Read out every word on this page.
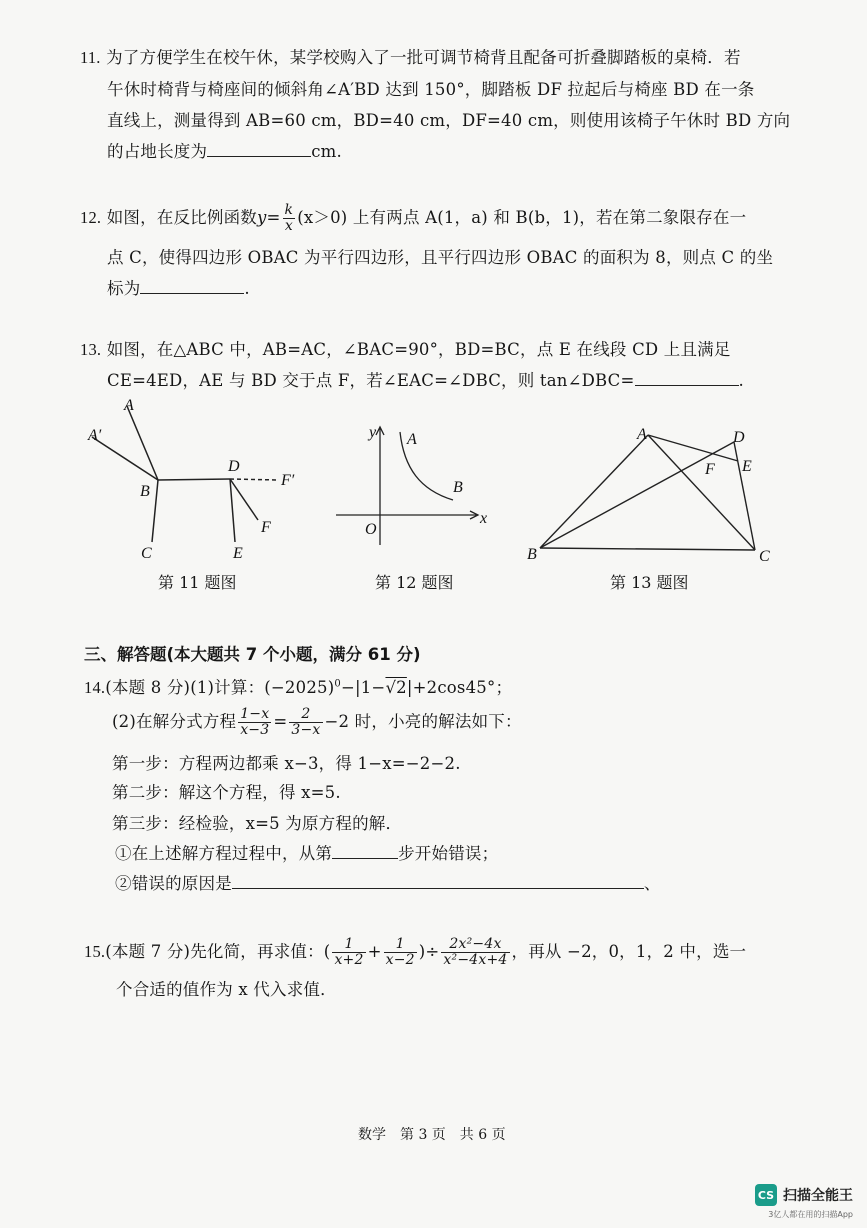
11. 为了方便学生在校午休，某学校购入了一批可调节椅背且配备可折叠脚踏板的桌椅．若
午休时椅背与椅座间的倾斜角∠A′BD 达到 150°，脚踏板 DF 拉起后与椅座 BD 在一条
直线上，测量得到 AB=60 cm，BD=40 cm，DF=40 cm，则使用该椅子午休时 BD 方向
的占地长度为	cm.
12. 如图，在反比例函数$y= \frac{k}{x} (x>0)$ 上有两点 A(1，a) 和 B(b，1)，若在第二象限存在一
点 C，使得四边形 OBAC 为平行四边形，且平行四边形 OBAC 的面积为 8，则点 C 的坐
标为	.
13. 如图，在△ABC 中，AB=AC，∠BAC=90°，BD=BC，点 E 在线段 CD 上且满足
CE=4ED，AE 与 BD 交于点 F，若∠EAC=∠DBC，则 tan∠DBC=	.
A
A′
B
C
D
E
F
F′
y
x
O
A
B
A
B	C
D
E
F
第 11 题图	第 12 题图	第 13 题图
三、解答题(本大题共 7 个小题，满分 61 分)
14.(本题 8 分)(1)计算：$(-2025)^0-|1-√2|+2\cos 45^\circ$；
(2)在解分式方程 $\frac{1-x}{x-3} = \frac{2}{3-x} -2$ 时，小亮的解法如下：
第一步：方程两边都乘 x−3，得 1−x=−2−2.
第二步：解这个方程，得 x=5.
第三步：经检验，x=5 为原方程的解．
①在上述解方程过程中，从第	步开始错误；
②错误的原因是	、
15.(本题 7 分)先化简，再求值：( $\frac{1}{x+2} + \frac{1}{x-2}$ )÷ $\frac{\text{2x²−4x}}{\text{x²−4x+4}}$ ，再从 −2，0，1，2 中，选一
个合适的值作为 x 代入求值．
数学　第 3 页　共 6 页
CS 扫描全能王
3亿人都在用的扫描App
